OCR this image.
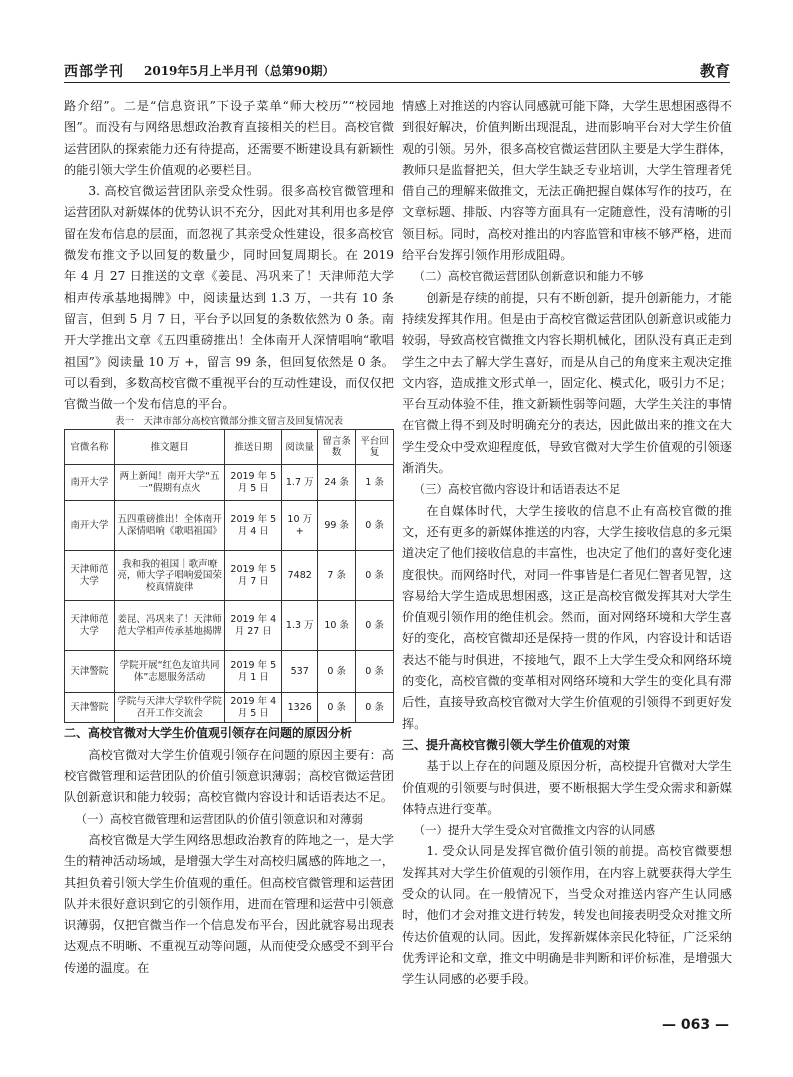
西部学刊 2019年5月上半月刊（总第90期）	教育

路介绍”。二是“信息资讯”下设子菜单“师大校历”“校园地图”。而没有与网络思想政治教育直接相关的栏目。高校官微运营团队的探索能力还有待提高，还需要不断建设具有新颖性的能引领大学生价值观的必要栏目。

3. 高校官微运营团队亲受众性弱。很多高校官微管理和运营团队对新媒体的优势认识不充分，因此对其利用也多是停留在发布信息的层面，而忽视了其亲受众性建设，很多高校官微发布推文予以回复的数量少，同时回复周期长。在 2019 年 4 月 27 日推送的文章《姜昆、冯巩来了！天津师范大学相声传承基地揭牌》中，阅读量达到 1.3 万，一共有 10 条留言，但到 5 月 7 日，平台予以回复的条数依然为 0 条。南开大学推出文章《五四重磅推出！全体南开人深情唱响“歌唱祖国”》阅读量 10 万 +，留言 99 条，但回复依然是 0 条。可以看到，多数高校官微不重视平台的互动性建设，而仅仅把官微当做一个发布信息的平台。

表一　天津市部分高校官微部分推文留言及回复情况表

官微名称	推文题目	推送日期	阅读量	留言条数	平台回复
南开大学	两上新闻！南开大学“五一”假期有点火	2019 年 5 月 5 日	1.7 万	24 条	1 条
南开大学	五四重磅推出！全体南开人深情唱响《歌唱祖国》	2019 年 5 月 4 日	10 万 +	99 条	0 条
天津师范大学	我和我的祖国｜歌声嘹亮，师大学子唱响爱国荣校真情旋律	2019 年 5 月 7 日	7482	7 条	0 条
天津师范大学	姜昆、冯巩来了！天津师范大学相声传承基地揭牌	2019 年 4 月 27 日	1.3 万	10 条	0 条
天津警院	学院开展“红色友谊共同体”志愿服务活动	2019 年 5 月 1 日	537	0 条	0 条
天津警院	学院与天津大学软件学院召开工作交流会	2019 年 4 月 5 日	1326	0 条	0 条

二、高校官微对大学生价值观引领存在问题的原因分析

高校官微对大学生价值观引领存在问题的原因主要有：高校官微管理和运营团队的价值引领意识薄弱；高校官微运营团队创新意识和能力较弱；高校官微内容设计和话语表达不足。

（一）高校官微管理和运营团队的价值引领意识和对薄弱

高校官微是大学生网络思想政治教育的阵地之一，是大学生的精神活动场域，是增强大学生对高校归属感的阵地之一，其担负着引领大学生价值观的重任。但高校官微管理和运营团队并未很好意识到它的引领作用，进而在管理和运营中引领意识薄弱，仅把官微当作一个信息发布平台，因此就容易出现表达观点不明晰、不重视互动等问题，从而使受众感受不到平台传递的温度。在

情感上对推送的内容认同感就可能下降，大学生思想困惑得不到很好解决，价值判断出现混乱，进而影响平台对大学生价值观的引领。另外，很多高校官微运营团队主要是大学生群体，教师只是监督把关，但大学生缺乏专业培训，大学生管理者凭借自己的理解来做推文，无法正确把握自媒体写作的技巧，在文章标题、排版、内容等方面具有一定随意性，没有清晰的引领目标。同时，高校对推出的内容监管和审核不够严格，进而给平台发挥引领作用形成阻碍。

（二）高校官微运营团队创新意识和能力不够

创新是存续的前提，只有不断创新，提升创新能力，才能持续发挥其作用。但是由于高校官微运营团队创新意识或能力较弱，导致高校官微推文内容长期机械化，团队没有真正走到学生之中去了解大学生喜好，而是从自己的角度来主观决定推文内容，造成推文形式单一，固定化、模式化，吸引力不足；平台互动体验不佳，推文新颖性弱等问题，大学生关注的事情在官微上得不到及时明确充分的表达，因此做出来的推文在大学生受众中受欢迎程度低，导致官微对大学生价值观的引领逐渐消失。

（三）高校官微内容设计和话语表达不足

在自媒体时代，大学生接收的信息不止有高校官微的推文，还有更多的新媒体推送的内容，大学生接收信息的多元渠道决定了他们接收信息的丰富性，也决定了他们的喜好变化速度很快。而网络时代，对同一件事皆是仁者见仁智者见智，这容易给大学生造成思想困惑，这正是高校官微发挥其对大学生价值观引领作用的绝佳机会。然而，面对网络环境和大学生喜好的变化，高校官微却还是保持一贯的作风，内容设计和话语表达不能与时俱进，不接地气，跟不上大学生受众和网络环境的变化，高校官微的变革相对网络环境和大学生的变化具有滞后性，直接导致高校官微对大学生价值观的引领得不到更好发挥。

三、提升高校官微引领大学生价值观的对策

基于以上存在的问题及原因分析，高校提升官微对大学生价值观的引领要与时俱进，要不断根据大学生受众需求和新媒体特点进行变革。

（一）提升大学生受众对官微推文内容的认同感

1. 受众认同是发挥官微价值引领的前提。高校官微要想发挥其对大学生价值观的引领作用，在内容上就要获得大学生受众的认同。在一般情况下，当受众对推送内容产生认同感时，他们才会对推文进行转发，转发也间接表明受众对推文所传达价值观的认同。因此，发挥新媒体亲民化特征，广泛采纳优秀评论和文章，推文中明确是非判断和评价标准，是增强大学生认同感的必要手段。

— 063 —
